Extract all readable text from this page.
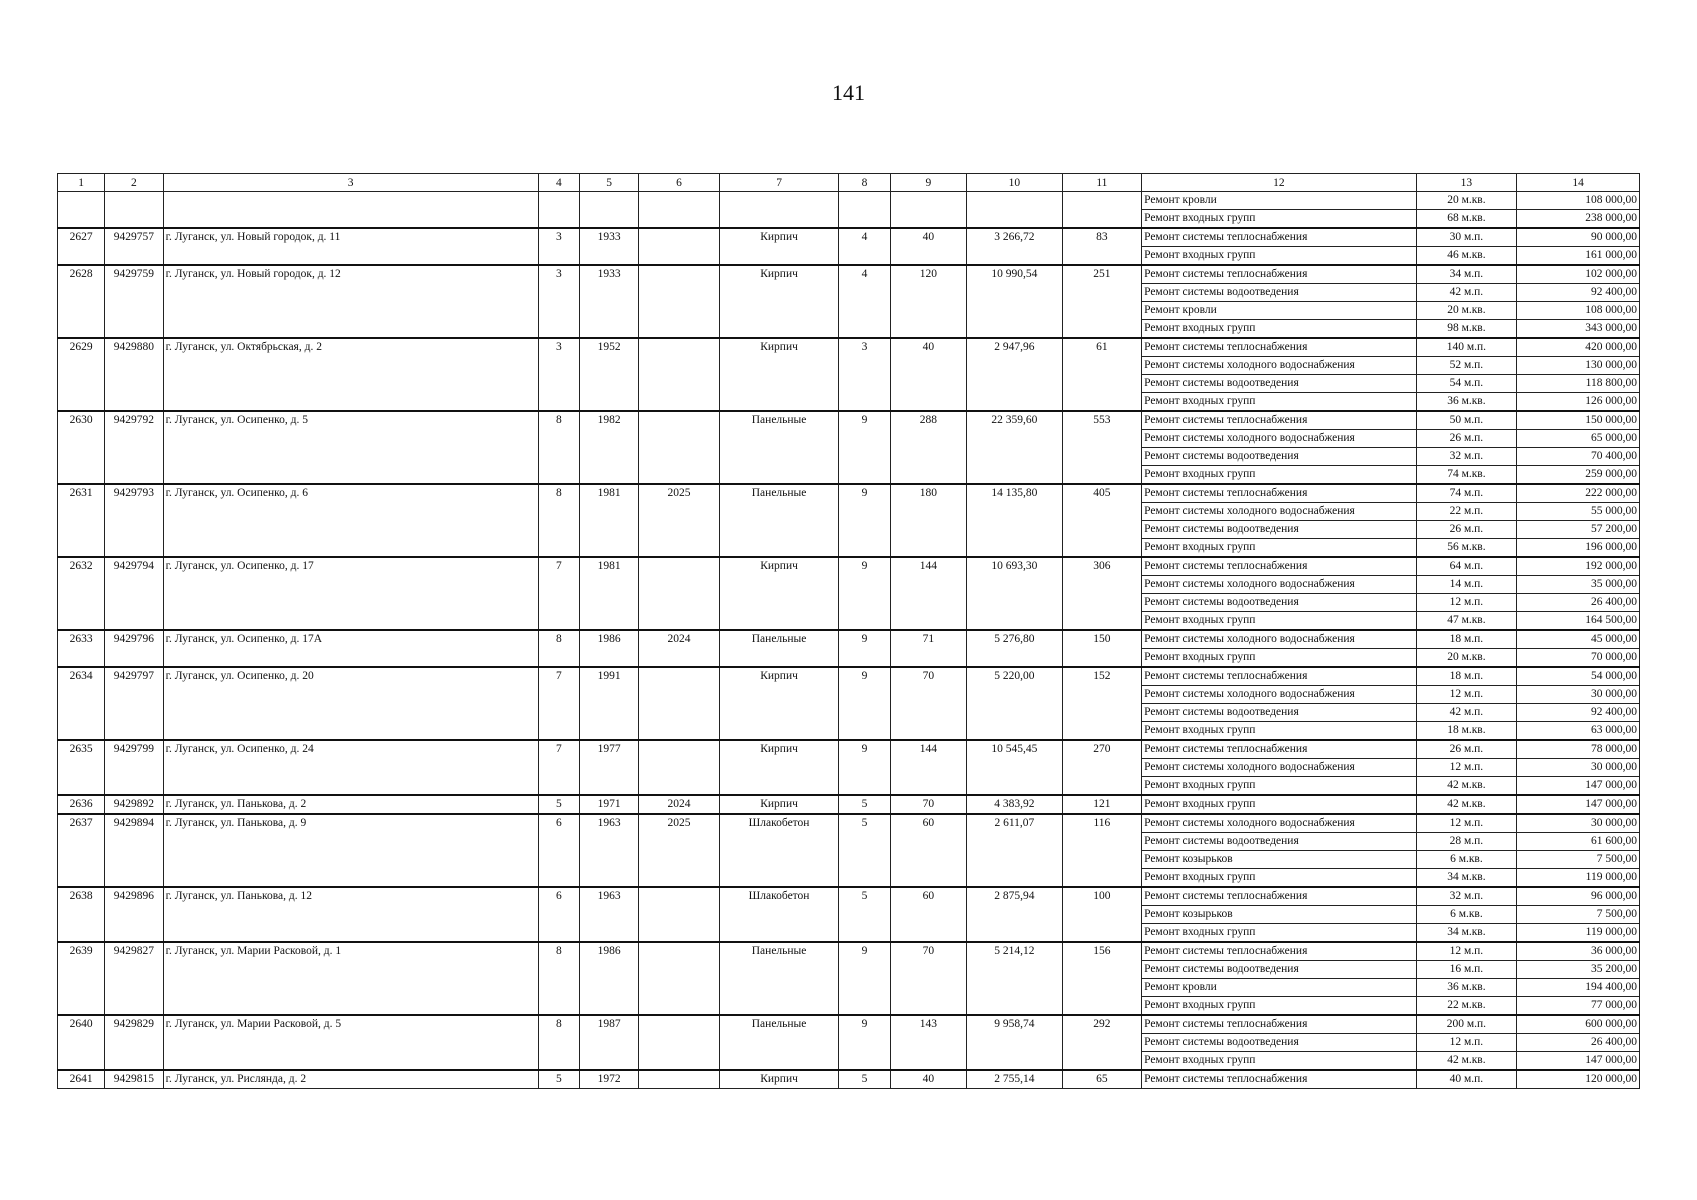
141
1	2	3	4	5	6	7	8	9	10	11	12	13	14
											Ремонт кровли	20 м.кв.	108 000,00
											Ремонт входных групп	68 м.кв.	238 000,00
2627	9429757	г. Луганск, ул. Новый городок, д. 11	3	1933		Кирпич	4	40	3 266,72	83	Ремонт системы теплоснабжения	30 м.п.	90 000,00
											Ремонт входных групп	46 м.кв.	161 000,00
2628	9429759	г. Луганск, ул. Новый городок, д. 12	3	1933		Кирпич	4	120	10 990,54	251	Ремонт системы теплоснабжения	34 м.п.	102 000,00
											Ремонт системы водоотведения	42 м.п.	92 400,00
											Ремонт кровли	20 м.кв.	108 000,00
											Ремонт входных групп	98 м.кв.	343 000,00
2629	9429880	г. Луганск, ул. Октябрьская, д. 2	3	1952		Кирпич	3	40	2 947,96	61	Ремонт системы теплоснабжения	140 м.п.	420 000,00
											Ремонт системы холодного водоснабжения	52 м.п.	130 000,00
											Ремонт системы водоотведения	54 м.п.	118 800,00
											Ремонт входных групп	36 м.кв.	126 000,00
2630	9429792	г. Луганск, ул. Осипенко, д. 5	8	1982		Панельные	9	288	22 359,60	553	Ремонт системы теплоснабжения	50 м.п.	150 000,00
											Ремонт системы холодного водоснабжения	26 м.п.	65 000,00
											Ремонт системы водоотведения	32 м.п.	70 400,00
											Ремонт входных групп	74 м.кв.	259 000,00
2631	9429793	г. Луганск, ул. Осипенко, д. 6	8	1981	2025	Панельные	9	180	14 135,80	405	Ремонт системы теплоснабжения	74 м.п.	222 000,00
											Ремонт системы холодного водоснабжения	22 м.п.	55 000,00
											Ремонт системы водоотведения	26 м.п.	57 200,00
											Ремонт входных групп	56 м.кв.	196 000,00
2632	9429794	г. Луганск, ул. Осипенко, д. 17	7	1981		Кирпич	9	144	10 693,30	306	Ремонт системы теплоснабжения	64 м.п.	192 000,00
											Ремонт системы холодного водоснабжения	14 м.п.	35 000,00
											Ремонт системы водоотведения	12 м.п.	26 400,00
											Ремонт входных групп	47 м.кв.	164 500,00
2633	9429796	г. Луганск, ул. Осипенко, д. 17А	8	1986	2024	Панельные	9	71	5 276,80	150	Ремонт системы холодного водоснабжения	18 м.п.	45 000,00
											Ремонт входных групп	20 м.кв.	70 000,00
2634	9429797	г. Луганск, ул. Осипенко, д. 20	7	1991		Кирпич	9	70	5 220,00	152	Ремонт системы теплоснабжения	18 м.п.	54 000,00
											Ремонт системы холодного водоснабжения	12 м.п.	30 000,00
											Ремонт системы водоотведения	42 м.п.	92 400,00
											Ремонт входных групп	18 м.кв.	63 000,00
2635	9429799	г. Луганск, ул. Осипенко, д. 24	7	1977		Кирпич	9	144	10 545,45	270	Ремонт системы теплоснабжения	26 м.п.	78 000,00
											Ремонт системы холодного водоснабжения	12 м.п.	30 000,00
											Ремонт входных групп	42 м.кв.	147 000,00
2636	9429892	г. Луганск, ул. Панькова, д. 2	5	1971	2024	Кирпич	5	70	4 383,92	121	Ремонт входных групп	42 м.кв.	147 000,00
2637	9429894	г. Луганск, ул. Панькова, д. 9	6	1963	2025	Шлакобетон	5	60	2 611,07	116	Ремонт системы холодного водоснабжения	12 м.п.	30 000,00
											Ремонт системы водоотведения	28 м.п.	61 600,00
											Ремонт козырьков	6 м.кв.	7 500,00
											Ремонт входных групп	34 м.кв.	119 000,00
2638	9429896	г. Луганск, ул. Панькова, д. 12	6	1963		Шлакобетон	5	60	2 875,94	100	Ремонт системы теплоснабжения	32 м.п.	96 000,00
											Ремонт козырьков	6 м.кв.	7 500,00
											Ремонт входных групп	34 м.кв.	119 000,00
2639	9429827	г. Луганск, ул. Марии Расковой, д. 1	8	1986		Панельные	9	70	5 214,12	156	Ремонт системы теплоснабжения	12 м.п.	36 000,00
											Ремонт системы водоотведения	16 м.п.	35 200,00
											Ремонт кровли	36 м.кв.	194 400,00
											Ремонт входных групп	22 м.кв.	77 000,00
2640	9429829	г. Луганск, ул. Марии Расковой, д. 5	8	1987		Панельные	9	143	9 958,74	292	Ремонт системы теплоснабжения	200 м.п.	600 000,00
											Ремонт системы водоотведения	12 м.п.	26 400,00
											Ремонт входных групп	42 м.кв.	147 000,00
2641	9429815	г. Луганск, ул. Рисляндa, д. 2	5	1972		Кирпич	5	40	2 755,14	65	Ремонт системы теплоснабжения	40 м.п.	120 000,00
